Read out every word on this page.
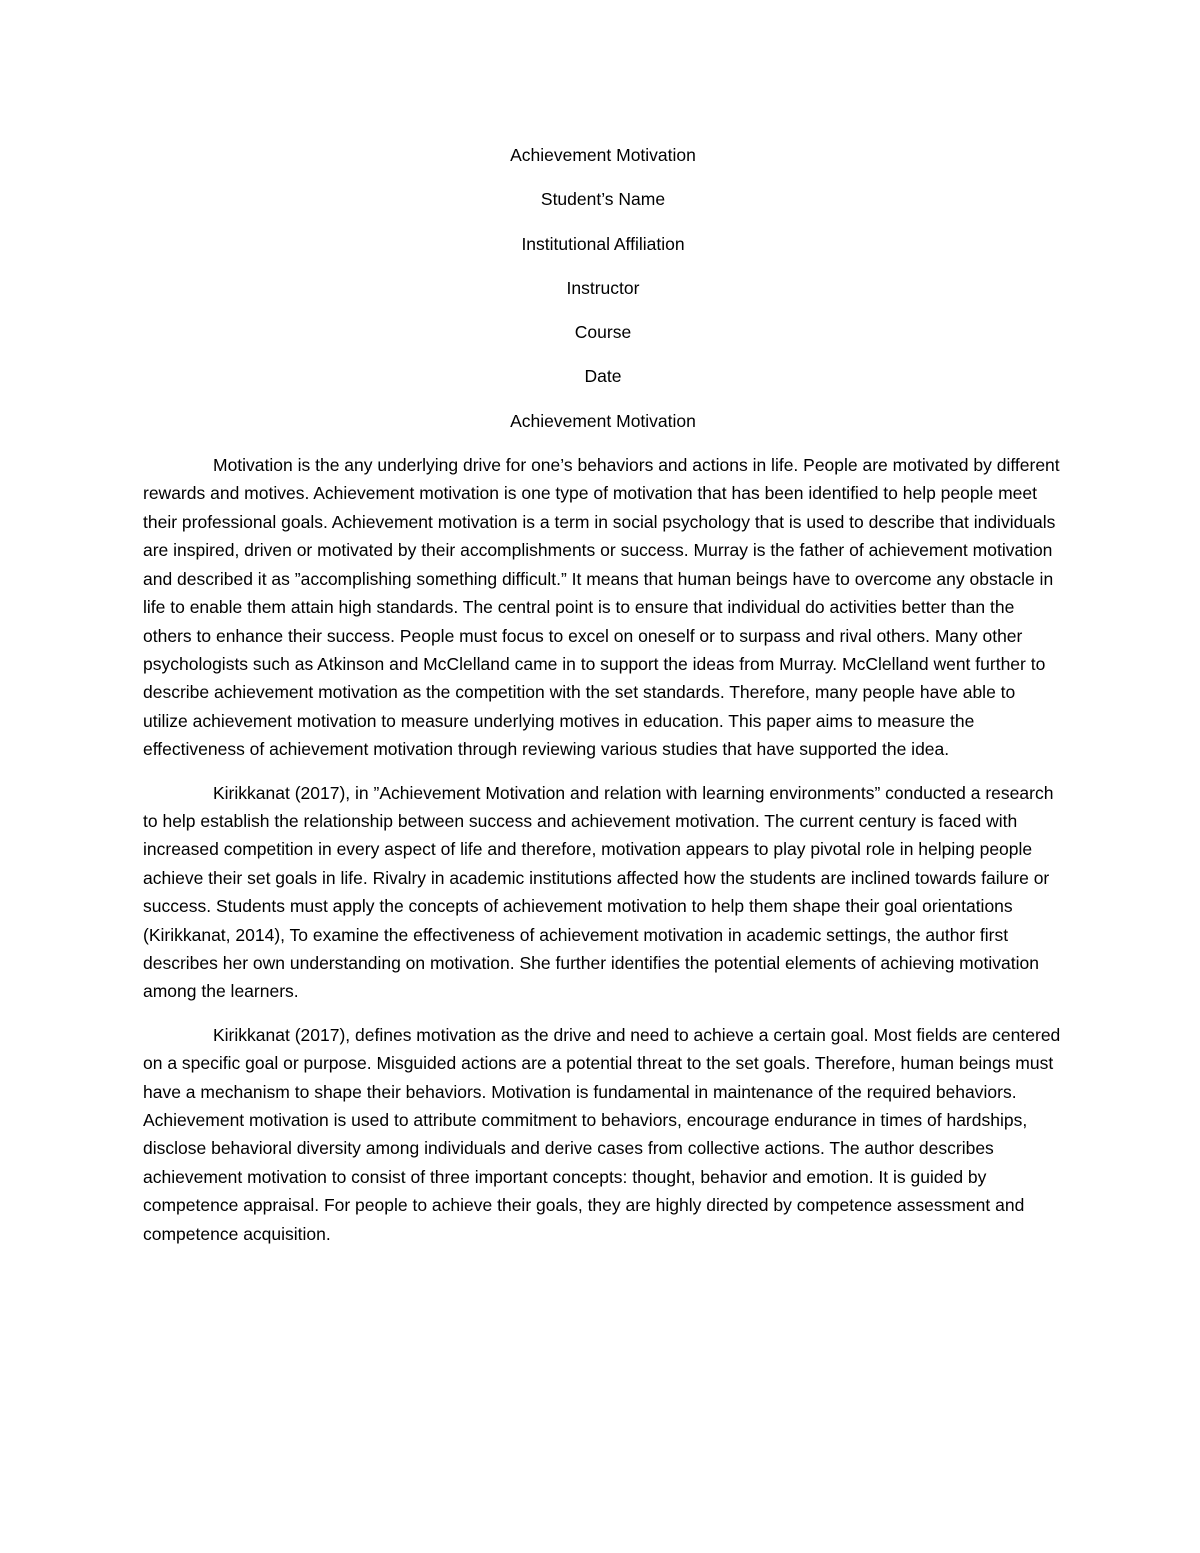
Achievement Motivation
Student’s Name
Institutional Affiliation
Instructor
Course
Date
Achievement Motivation

Motivation is the any underlying drive for one’s behaviors and actions in life. People are motivated by different rewards and motives. Achievement motivation is one type of motivation that has been identified to help people meet their professional goals. Achievement motivation is a term in social psychology that is used to describe that individuals are inspired, driven or motivated by their accomplishments or success. Murray is the father of achievement motivation and described it as ”accomplishing something difficult.” It means that human beings have to overcome any obstacle in life to enable them attain high standards. The central point is to ensure that individual do activities better than the others to enhance their success. People must focus to excel on oneself or to surpass and rival others. Many other psychologists such as Atkinson and McClelland came in to support the ideas from Murray. McClelland went further to describe achievement motivation as the competition with the set standards. Therefore, many people have able to utilize achievement motivation to measure underlying motives in education. This paper aims to measure the effectiveness of achievement motivation through reviewing various studies that have supported the idea.

Kirikkanat (2017), in ”Achievement Motivation and relation with learning environments” conducted a research to help establish the relationship between success and achievement motivation. The current century is faced with increased competition in every aspect of life and therefore, motivation appears to play pivotal role in helping people achieve their set goals in life. Rivalry in academic institutions affected how the students are inclined towards failure or success. Students must apply the concepts of achievement motivation to help them shape their goal orientations (Kirikkanat, 2014), To examine the effectiveness of achievement motivation in academic settings, the author first describes her own understanding on motivation. She further identifies the potential elements of achieving motivation among the learners.

Kirikkanat (2017), defines motivation as the drive and need to achieve a certain goal. Most fields are centered on a specific goal or purpose. Misguided actions are a potential threat to the set goals. Therefore, human beings must have a mechanism to shape their behaviors. Motivation is fundamental in maintenance of the required behaviors. Achievement motivation is used to attribute commitment to behaviors, encourage endurance in times of hardships, disclose behavioral diversity among individuals and derive cases from collective actions. The author describes achievement motivation to consist of three important concepts: thought, behavior and emotion. It is guided by competence appraisal. For people to achieve their goals, they are highly directed by competence assessment and competence acquisition.
